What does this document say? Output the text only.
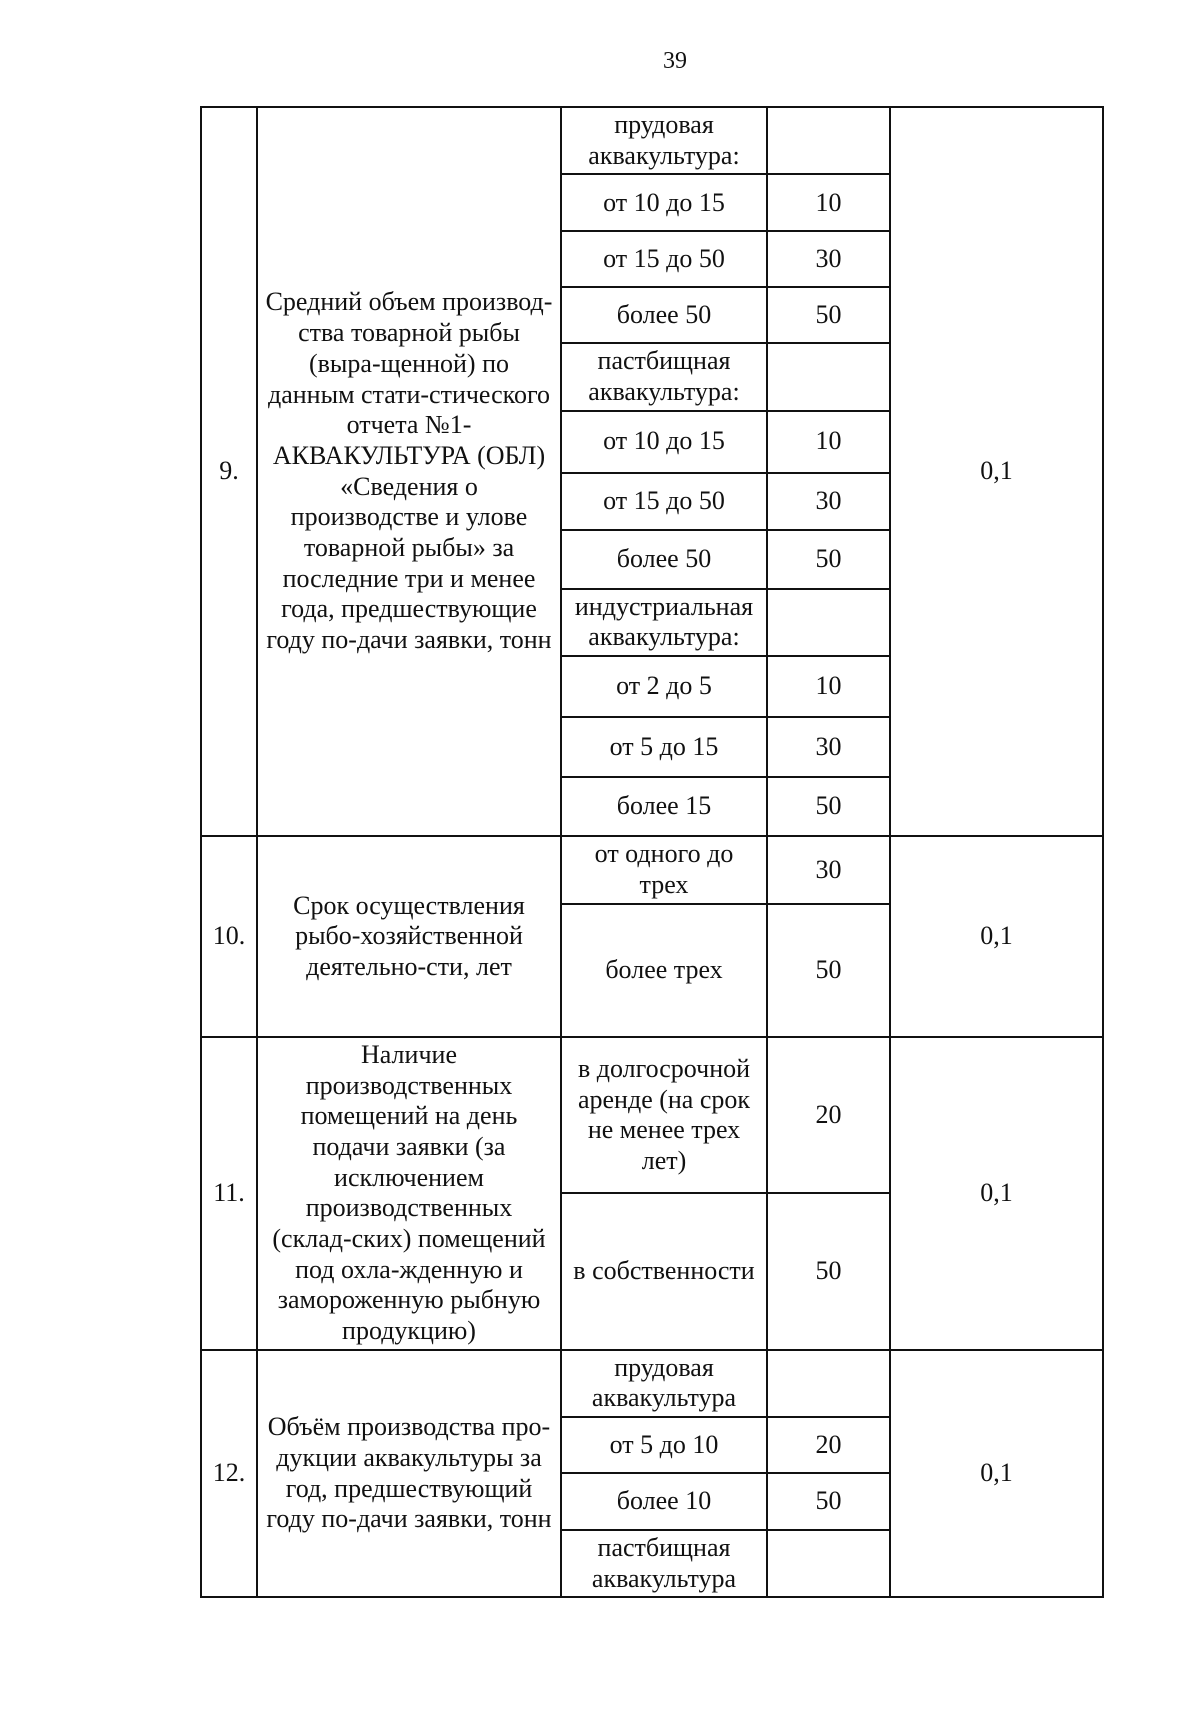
39
9.	Средний объем производ-ства товарной рыбы (выра-щенной) по данным стати-стического отчета №1-АКВАКУЛЬТУРА (ОБЛ) «Сведения о производстве и улове товарной рыбы» за последние три и менее года, предшествующие году по-дачи заявки, тонн	прудовая аквакультура:		0,1
		от 10 до 15	10	
		от 15 до 50	30	
		более 50	50	
		пастбищная аквакультура:		
		от 10 до 15	10	
		от 15 до 50	30	
		более 50	50	
		индустриальная аквакультура:		
		от 2 до 5	10	
		от 5 до 15	30	
		более 15	50	
10.	Срок осуществления рыбо-хозяйственной деятельно-сти, лет	от одного до трех	30	0,1
		более трех	50	
11.	Наличие производственных помещений на день подачи заявки (за исключением производственных (склад-ских) помещений под охла-жденную и замороженную рыбную продукцию)	в долгосрочной аренде (на срок не менее трех лет)	20	0,1
		в собственности	50	
12.	Объём производства про-дукции аквакультуры за год, предшествующий году по-дачи заявки, тонн	прудовая аквакультура		0,1
		от 5 до 10	20	
		более 10	50	
		пастбищная аквакультура		
